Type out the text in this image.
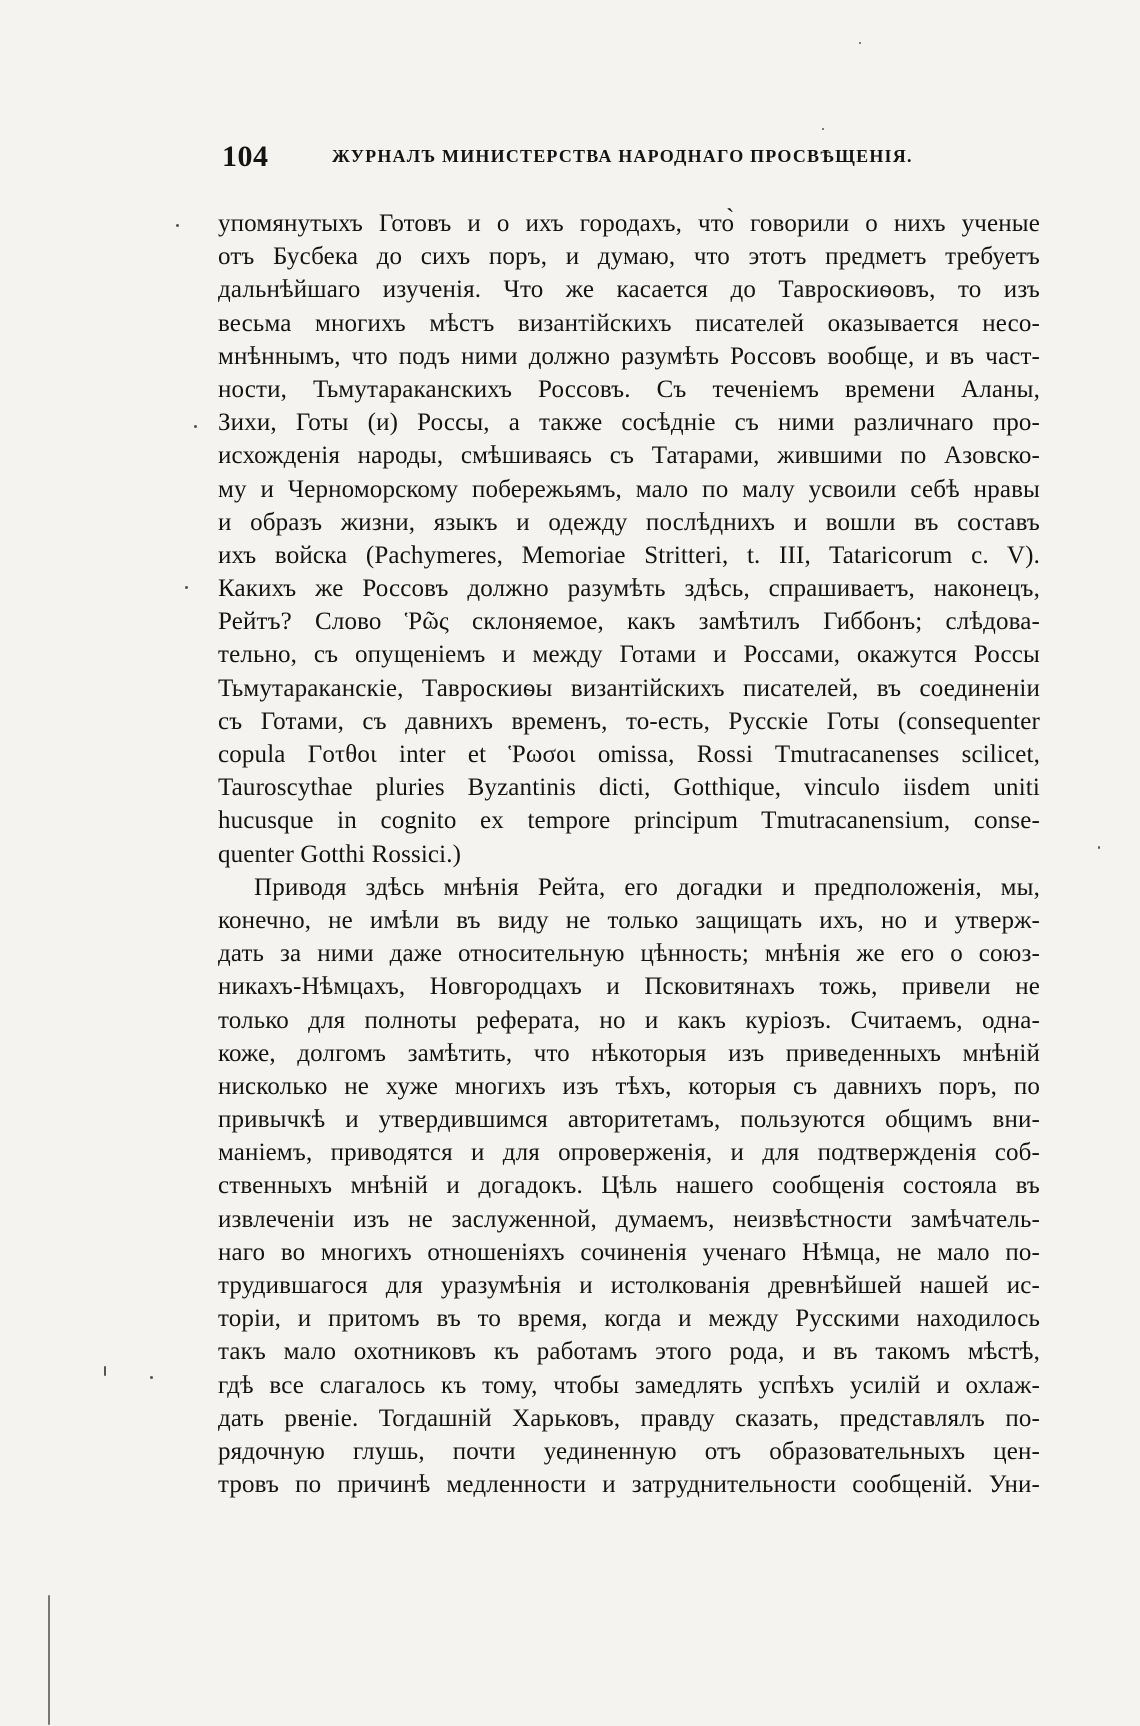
104	ЖУРНАЛЪ МИНИСТЕРСТВА НАРОДНАГО ПРОСВѢЩЕНІЯ.
упомянутыхъ Готовъ и о ихъ городахъ, что̀ говорили о нихъ ученые
отъ Бусбека до сихъ поръ, и думаю, что этотъ предметъ требуетъ
дальнѣйшаго изученія. Что же касается до Тавроскиѳовъ, то изъ
весьма многихъ мѣстъ византійскихъ писателей оказывается несо-
мнѣннымъ, что подъ ними должно разумѣть Россовъ вообще, и въ част-
ности, Тьмутараканскихъ Россовъ. Съ теченіемъ времени Аланы,
Зихи, Готы (и) Россы, а также сосѣдніе съ ними различнаго про-
исхожденія народы, смѣшиваясь съ Татарами, жившими по Азовско-
му и Черноморскому побережьямъ, мало по малу усвоили себѣ нравы
и образъ жизни, языкъ и одежду послѣднихъ и вошли въ составъ
ихъ войска (Pachymeres, Memoriae Stritteri, t. III, Tataricorum c. V).
Какихъ же Россовъ должно разумѣть здѣсь, спрашиваетъ, наконецъ,
Рейтъ? Слово Ῥῶς склоняемое, какъ замѣтилъ Гиббонъ; слѣдова-
тельно, съ опущеніемъ и между Готами и Россами, окажутся Россы
Тьмутараканскіе, Тавроскиѳы византійскихъ писателей, въ соединеніи
съ Готами, съ давнихъ временъ, то-есть, Русскіе Готы (consequenter
copula Γοτθοι inter et Ῥωσοι omissa, Rossi Tmutracanenses scilicet,
Tauroscythae pluries Byzantinis dicti, Gotthique, vinculo iisdem uniti
hucusque in cognito ex tempore principum Tmutracanensium, conse-
quenter Gotthi Rossici.)
Приводя здѣсь мнѣнія Рейта, его догадки и предположенія, мы,
конечно, не имѣли въ виду не только защищать ихъ, но и утверж-
дать за ними даже относительную цѣнность; мнѣнія же его о союз-
никахъ-Нѣмцахъ, Новгородцахъ и Псковитянахъ тожь, привели не
только для полноты реферата, но и какъ куріозъ. Считаемъ, одна-
коже, долгомъ замѣтить, что нѣкоторыя изъ приведенныхъ мнѣній
нисколько не хуже многихъ изъ тѣхъ, которыя съ давнихъ поръ, по
привычкѣ и утвердившимся авторитетамъ, пользуются общимъ вни-
маніемъ, приводятся и для опроверженія, и для подтвержденія соб-
ственныхъ мнѣній и догадокъ. Цѣль нашего сообщенія состояла въ
извлеченіи изъ не заслуженной, думаемъ, неизвѣстности замѣчатель-
наго во многихъ отношеніяхъ сочиненія ученаго Нѣмца, не мало по-
трудившагося для уразумѣнія и истолкованія древнѣйшей нашей ис-
торіи, и притомъ въ то время, когда и между Русскими находилось
такъ мало охотниковъ къ работамъ этого рода, и въ такомъ мѣстѣ,
гдѣ все слагалось къ тому, чтобы замедлять успѣхъ усилій и охлаж-
дать рвеніе. Тогдашній Харьковъ, правду сказать, представлялъ по-
рядочную глушь, почти уединенную отъ образовательныхъ цен-
тровъ по причинѣ медленности и затруднительности сообщеній. Уни-
